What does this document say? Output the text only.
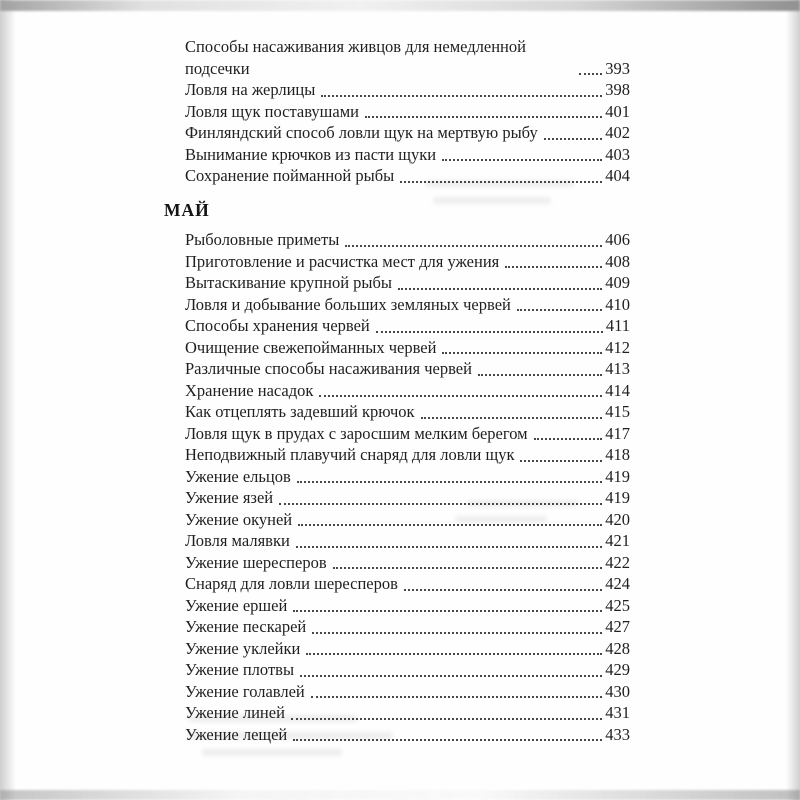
Способы насаживания живцов для немедленной подсечки	393
Ловля на жерлицы	398
Ловля щук поставушами	401
Финляндский способ ловли щук на мертвую рыбу	402
Вынимание крючков из пасти щуки	403
Сохранение пойманной рыбы	404
МАЙ
Рыболовные приметы	406
Приготовление и расчистка мест для ужения	408
Вытаскивание крупной рыбы	409
Ловля и добывание больших земляных червей	410
Способы хранения червей	411
Очищение свежепойманных червей	412
Различные способы насаживания червей	413
Хранение насадок	414
Как отцеплять задевший крючок	415
Ловля щук в прудах с заросшим мелким берегом	417
Неподвижный плавучий снаряд для ловли щук	418
Ужение ельцов	419
Ужение язей	419
Ужение окуней	420
Ловля малявки	421
Ужение шересперов	422
Снаряд для ловли шересперов	424
Ужение ершей	425
Ужение пескарей	427
Ужение уклейки	428
Ужение плотвы	429
Ужение голавлей	430
Ужение линей	431
Ужение лещей	433
